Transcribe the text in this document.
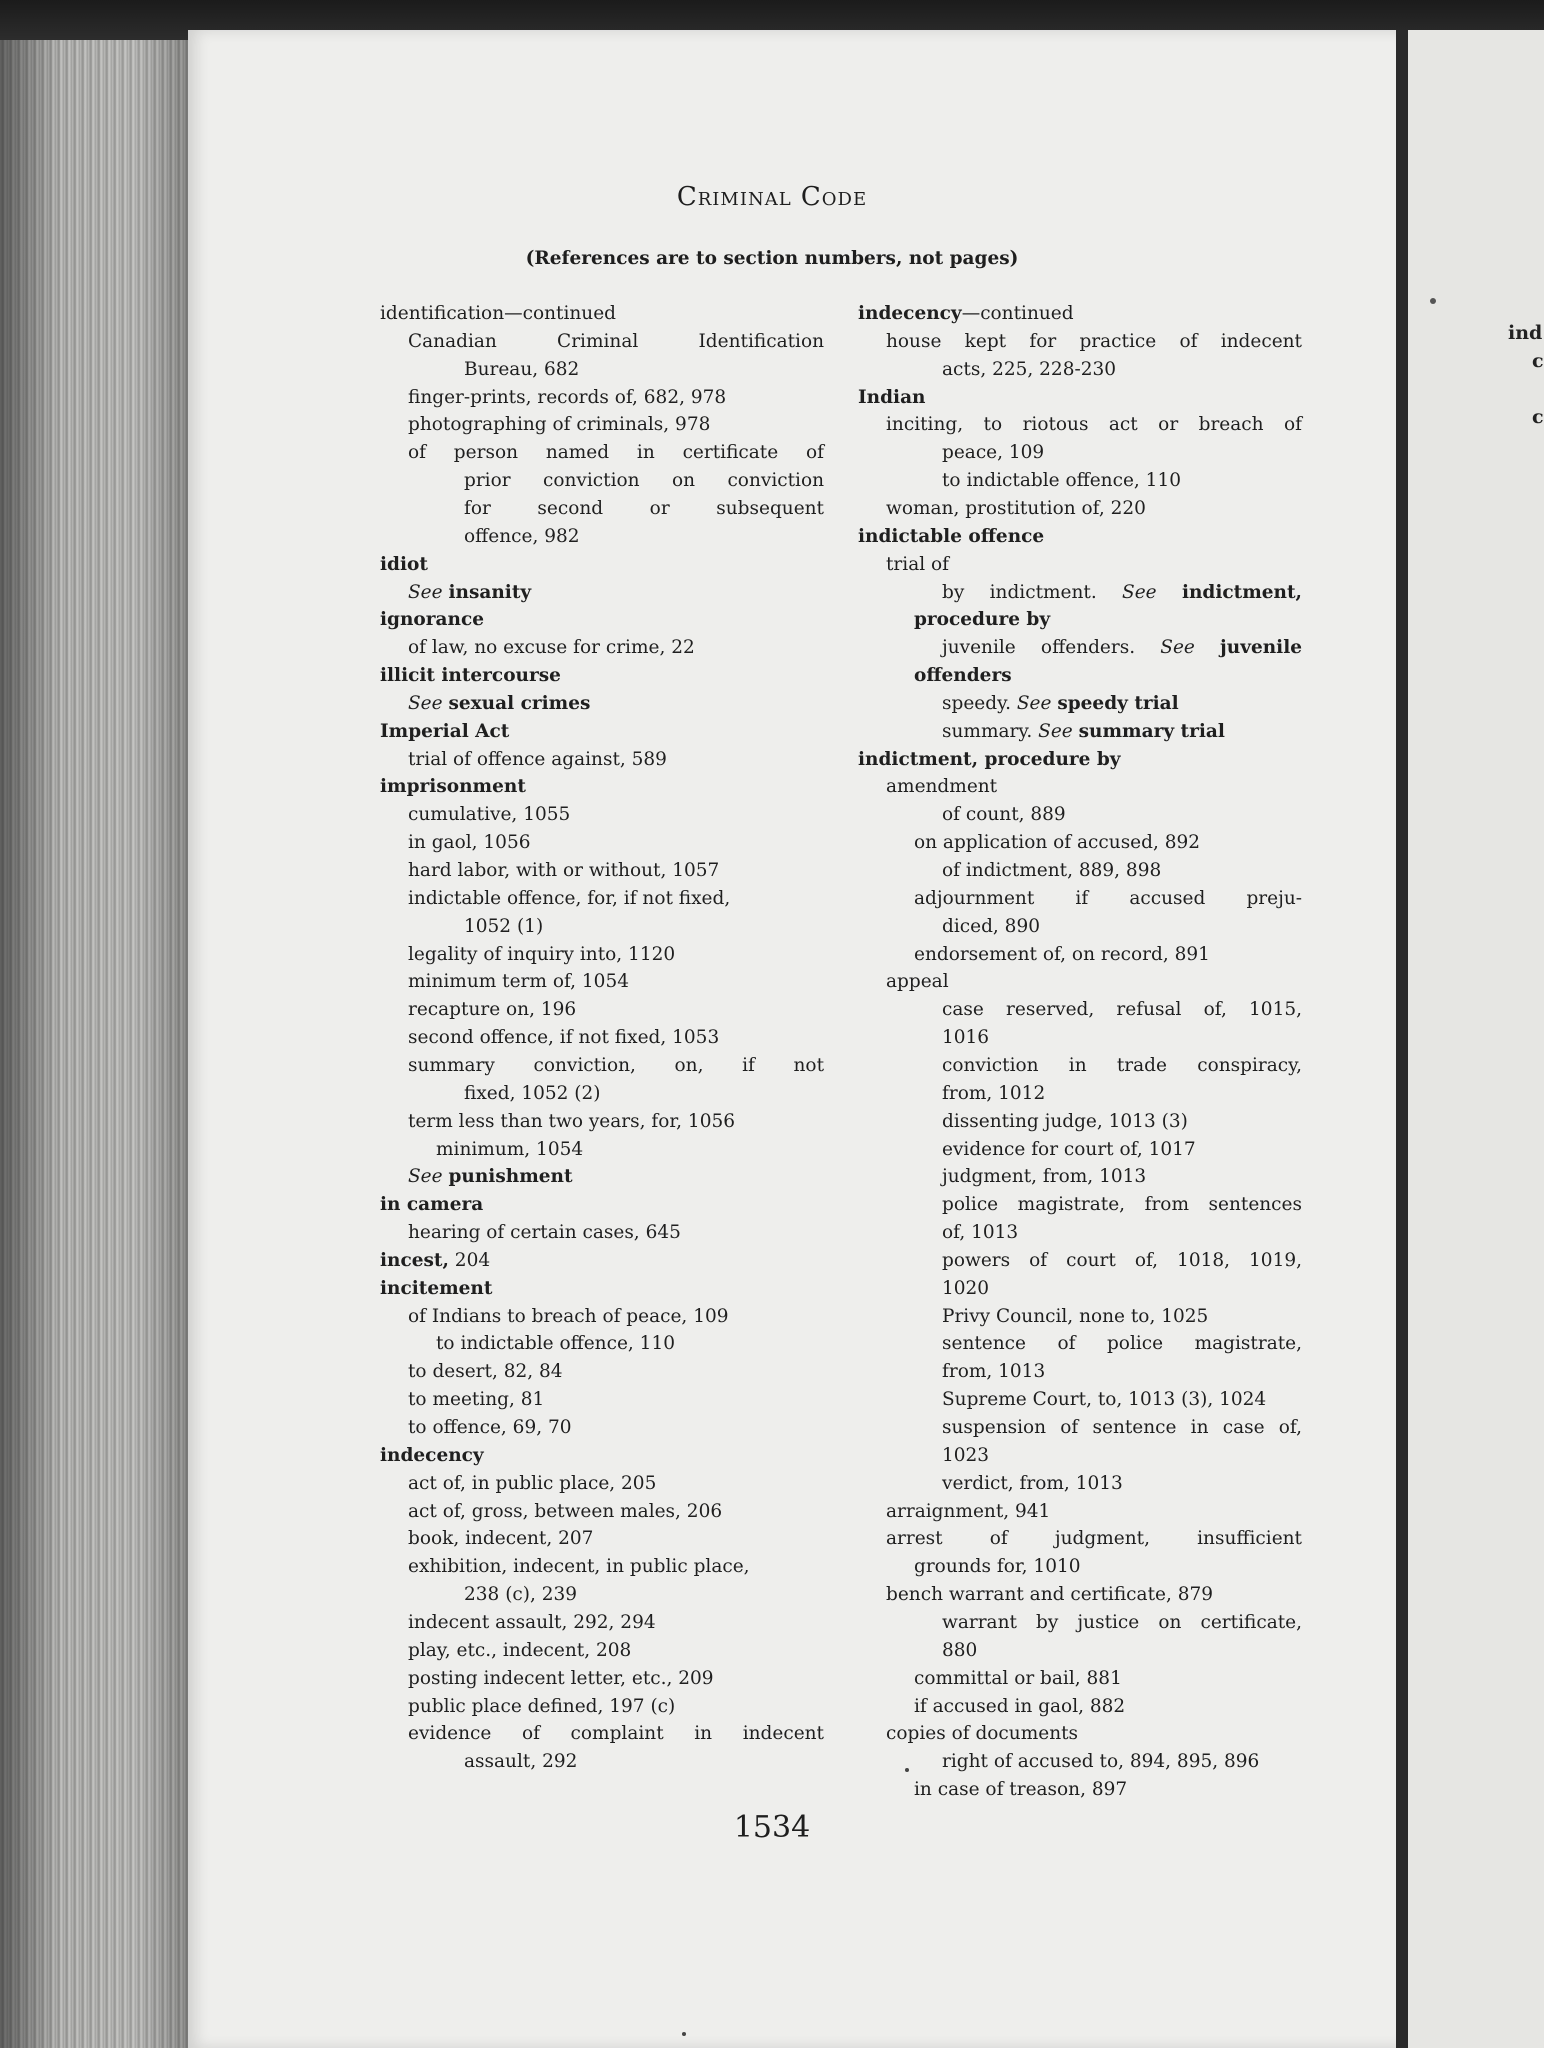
ind
c
c
Criminal Code
(References are to section numbers, not pages)
identification—continued
Canadian Criminal Identification
Bureau, 682
finger-prints, records of, 682, 978
photographing of criminals, 978
of person named in certificate of
prior conviction on conviction
for second or subsequent
offence, 982
idiot
See insanity
ignorance
of law, no excuse for crime, 22
illicit intercourse
See sexual crimes
Imperial Act
trial of offence against, 589
imprisonment
cumulative, 1055
in gaol, 1056
hard labor, with or without, 1057
indictable offence, for, if not fixed,
1052 (1)
legality of inquiry into, 1120
minimum term of, 1054
recapture on, 196
second offence, if not fixed, 1053
summary conviction, on, if not
fixed, 1052 (2)
term less than two years, for, 1056
minimum, 1054
See punishment
in camera
hearing of certain cases, 645
incest, 204
incitement
of Indians to breach of peace, 109
to indictable offence, 110
to desert, 82, 84
to meeting, 81
to offence, 69, 70
indecency
act of, in public place, 205
act of, gross, between males, 206
book, indecent, 207
exhibition, indecent, in public place,
238 (c), 239
indecent assault, 292, 294
play, etc., indecent, 208
posting indecent letter, etc., 209
public place defined, 197 (c)
evidence of complaint in indecent
assault, 292
indecency—continued
house kept for practice of indecent
acts, 225, 228-230
Indian
inciting, to riotous act or breach of
peace, 109
to indictable offence, 110
woman, prostitution of, 220
indictable offence
trial of
by indictment. See indictment,
procedure by
juvenile offenders. See juvenile
offenders
speedy. See speedy trial
summary. See summary trial
indictment, procedure by
amendment
of count, 889
on application of accused, 892
of indictment, 889, 898
adjournment if accused preju-
diced, 890
endorsement of, on record, 891
appeal
case reserved, refusal of, 1015,
1016
conviction in trade conspiracy,
from, 1012
dissenting judge, 1013 (3)
evidence for court of, 1017
judgment, from, 1013
police magistrate, from sentences
of, 1013
powers of court of, 1018, 1019,
1020
Privy Council, none to, 1025
sentence of police magistrate,
from, 1013
Supreme Court, to, 1013 (3), 1024
suspension of sentence in case of,
1023
verdict, from, 1013
arraignment, 941
arrest of judgment, insufficient
grounds for, 1010
bench warrant and certificate, 879
warrant by justice on certificate,
880
committal or bail, 881
if accused in gaol, 882
copies of documents
right of accused to, 894, 895, 896
in case of treason, 897
1534
